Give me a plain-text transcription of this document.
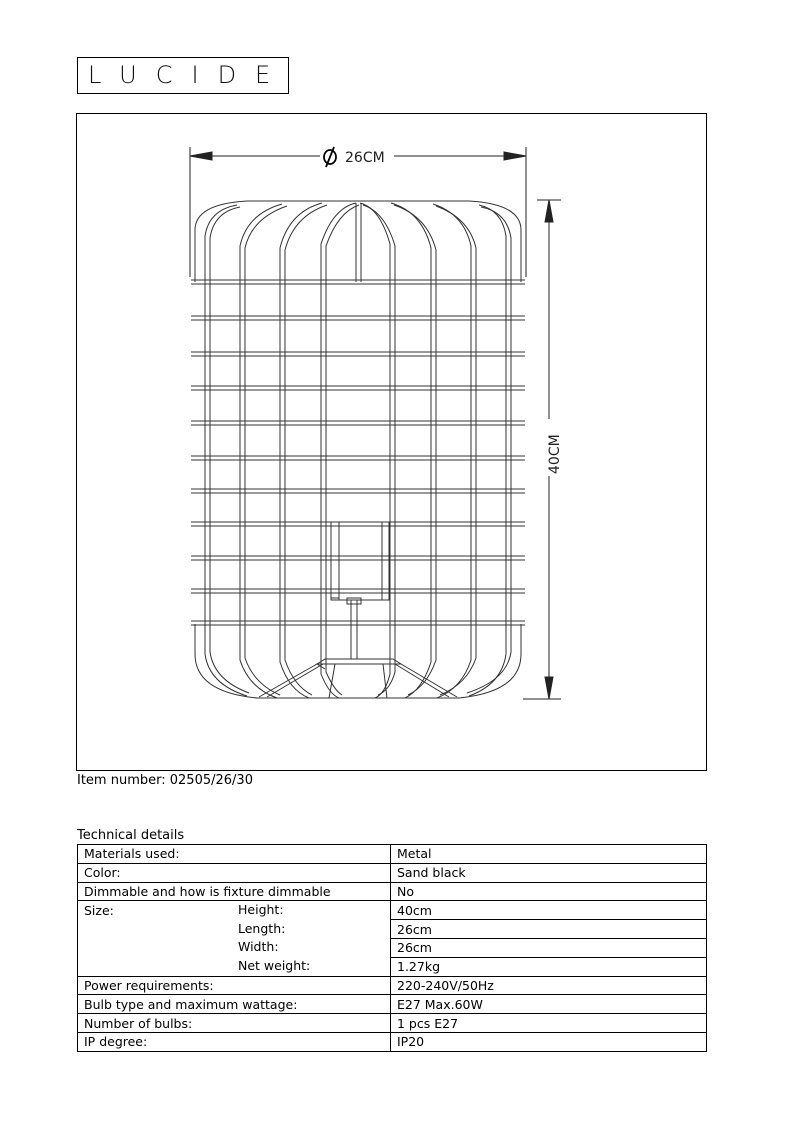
LUCIDE
26CM
40CM
Item number: 02505/26/30
Technical details
Materials used:	Metal
Color:	Sand black
Dimmable and how is fixture dimmable	No
Size: Height:	40cm

Length:	26cm

Width:	26cm

Net weight:	1.27kg
Power requirements:	220-240V/50Hz
Bulb type and maximum wattage:	E27 Max.60W
Number of bulbs:	1 pcs E27
IP degree:	IP20
